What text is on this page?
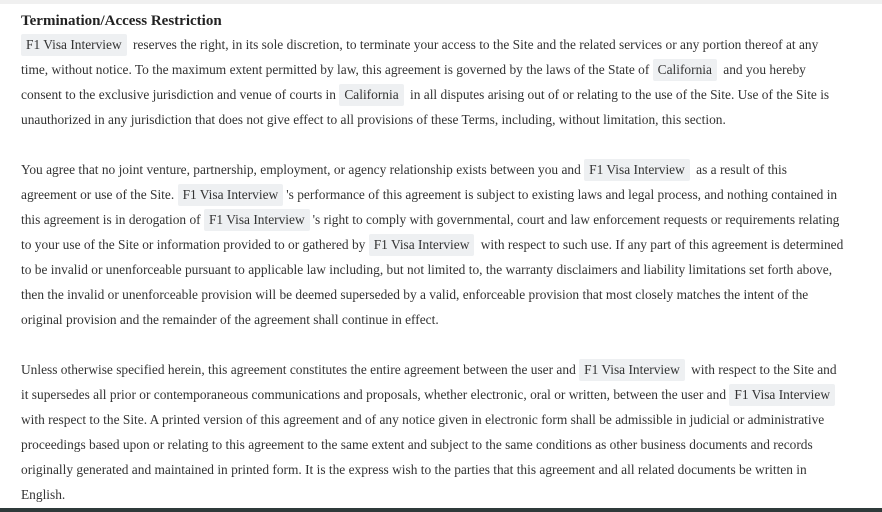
Termination/Access Restriction

F1 Visa Interview reserves the right, in its sole discretion, to terminate your access to the Site and the related services or any portion thereof at any time, without notice. To the maximum extent permitted by law, this agreement is governed by the laws of the State of California and you hereby consent to the exclusive jurisdiction and venue of courts in California in all disputes arising out of or relating to the use of the Site. Use of the Site is unauthorized in any jurisdiction that does not give effect to all provisions of these Terms, including, without limitation, this section.

You agree that no joint venture, partnership, employment, or agency relationship exists between you and F1 Visa Interview as a result of this agreement or use of the Site. F1 Visa Interview 's performance of this agreement is subject to existing laws and legal process, and nothing contained in this agreement is in derogation of F1 Visa Interview 's right to comply with governmental, court and law enforcement requests or requirements relating to your use of the Site or information provided to or gathered by F1 Visa Interview with respect to such use. If any part of this agreement is determined to be invalid or unenforceable pursuant to applicable law including, but not limited to, the warranty disclaimers and liability limitations set forth above, then the invalid or unenforceable provision will be deemed superseded by a valid, enforceable provision that most closely matches the intent of the original provision and the remainder of the agreement shall continue in effect.

Unless otherwise specified herein, this agreement constitutes the entire agreement between the user and F1 Visa Interview with respect to the Site and it supersedes all prior or contemporaneous communications and proposals, whether electronic, oral or written, between the user and F1 Visa Interview with respect to the Site. A printed version of this agreement and of any notice given in electronic form shall be admissible in judicial or administrative proceedings based upon or relating to this agreement to the same extent and subject to the same conditions as other business documents and records originally generated and maintained in printed form. It is the express wish to the parties that this agreement and all related documents be written in English.
